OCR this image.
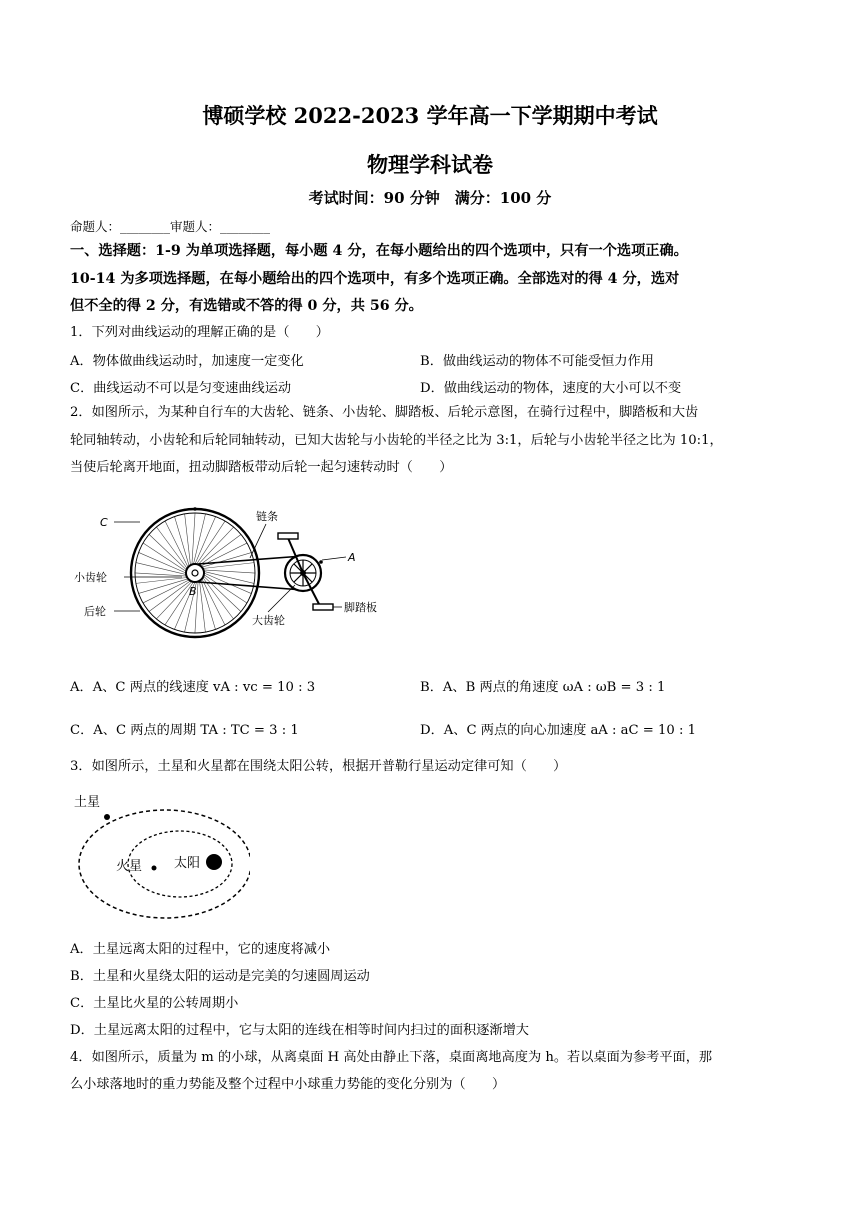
博硕学校 2022-2023 学年高一下学期期中考试
物理学科试卷
考试时间：90 分钟　满分：100 分
命题人：________审题人：________
一、选择题：1-9 为单项选择题，每小题 4 分，在每小题给出的四个选项中，只有一个选项正确。
10-14 为多项选择题，在每小题给出的四个选项中，有多个选项正确。全部选对的得 4 分，选对
但不全的得 2 分，有选错或不答的得 0 分，共 56 分。
1．下列对曲线运动的理解正确的是（　　）
A．物体做曲线运动时，加速度一定变化	B．做曲线运动的物体不可能受恒力作用
C．曲线运动不可以是匀变速曲线运动	D．做曲线运动的物体，速度的大小可以不变
2．如图所示，为某种自行车的大齿轮、链条、小齿轮、脚踏板、后轮示意图，在骑行过程中，脚踏板和大齿
轮同轴转动，小齿轮和后轮同轴转动，已知大齿轮与小齿轮的半径之比为 3:1，后轮与小齿轮半径之比为 10:1，
当使后轮离开地面，扭动脚踏板带动后轮一起匀速转动时（　　）
C
小齿轮
后轮
链条
A
B
大齿轮
脚踏板
A．A、C 两点的线速度 vA : vc = 10 : 3	B．A、B 两点的角速度 ωA : ωB = 3 : 1
C．A、C 两点的周期 TA : TC = 3 : 1	D．A、C 两点的向心加速度 aA : aC = 10 : 1
3．如图所示，土星和火星都在围绕太阳公转，根据开普勒行星运动定律可知（　　）
土星
火星 太阳
A．土星远离太阳的过程中，它的速度将减小
B．土星和火星绕太阳的运动是完美的匀速圆周运动
C．土星比火星的公转周期小
D．土星远离太阳的过程中，它与太阳的连线在相等时间内扫过的面积逐渐增大
4．如图所示，质量为 m 的小球，从离桌面 H 高处由静止下落，桌面离地高度为 h。若以桌面为参考平面，那
么小球落地时的重力势能及整个过程中小球重力势能的变化分别为（　　）
